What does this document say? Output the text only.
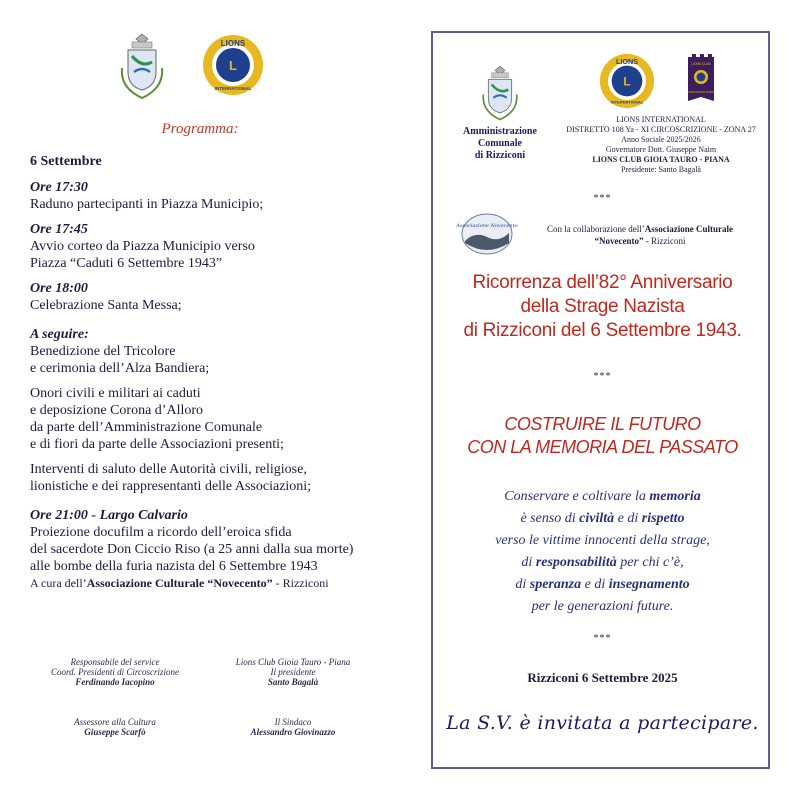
L
LIONS
INTERNATIONAL
Programma:
6 Settembre
Ore 17:30
Raduno partecipanti in Piazza Municipio;
Ore 17:45
Avvio corteo da Piazza Municipio verso
Piazza “Caduti 6 Settembre 1943”
Ore 18:00
Celebrazione Santa Messa;
A seguire:
Benedizione del Tricolore
e cerimonia dell’Alza Bandiera;
Onori civili e militari ai caduti
e deposizione Corona d’Alloro
da parte dell’Amministrazione Comunale
e di fiori da parte delle Associazioni presenti;
Interventi di saluto delle Autorità civili, religiose,
lionistiche e dei rappresentanti delle Associazioni;
Ore 21:00 - Largo Calvario
Proiezione docufilm a ricordo dell’eroica sfida
del sacerdote Don Ciccio Riso (a 25 anni dalla sua morte)
alle bombe della furia nazista del 6 Settembre 1943
A cura dell’Associazione Culturale “Novecento” - Rizziconi
Responsabile del service
Coord. Presidenti di Circoscrizione
Ferdinando Iacopino
Lions Club Gioia Tauro - Piana
Il presidente
Santo Bagalà
Assessore alla Cultura
Giuseppe Scarfò
Il Sindaco
Alessandro Giovinazzo
Amministrazione
Comunale
di Rizziconi
L
LIONS
INTERNATIONAL
LIONS CLUB
GIOIA TAURO PIANA
LIONS INTERNATIONAL
DISTRETTO 108 Ya - XI CIRCOSCRIZIONE - ZONA 27
Anno Sociale 2025/2026
Governatore Dott. Giuseppe Naim
LIONS CLUB GIOIA TAURO - PIANA
Presidente: Santo Bagalà
***
Associazione Novecento	Con la collaborazione dell’Associazione Culturale
“Novecento” - Rizziconi
Ricorrenza dell’82° Anniversario
della Strage Nazista
di Rizziconi del 6 Settembre 1943.
***
COSTRUIRE IL FUTURO
CON LA MEMORIA DEL PASSATO
Conservare e coltivare la memoria
è senso di civiltà e di rispetto
verso le vittime innocenti della strage,
di responsabilità per chi c’è,
di speranza e di insegnamento
per le generazioni future.
***
Rizziconi 6 Settembre 2025
La S.V. è invitata a partecipare.
